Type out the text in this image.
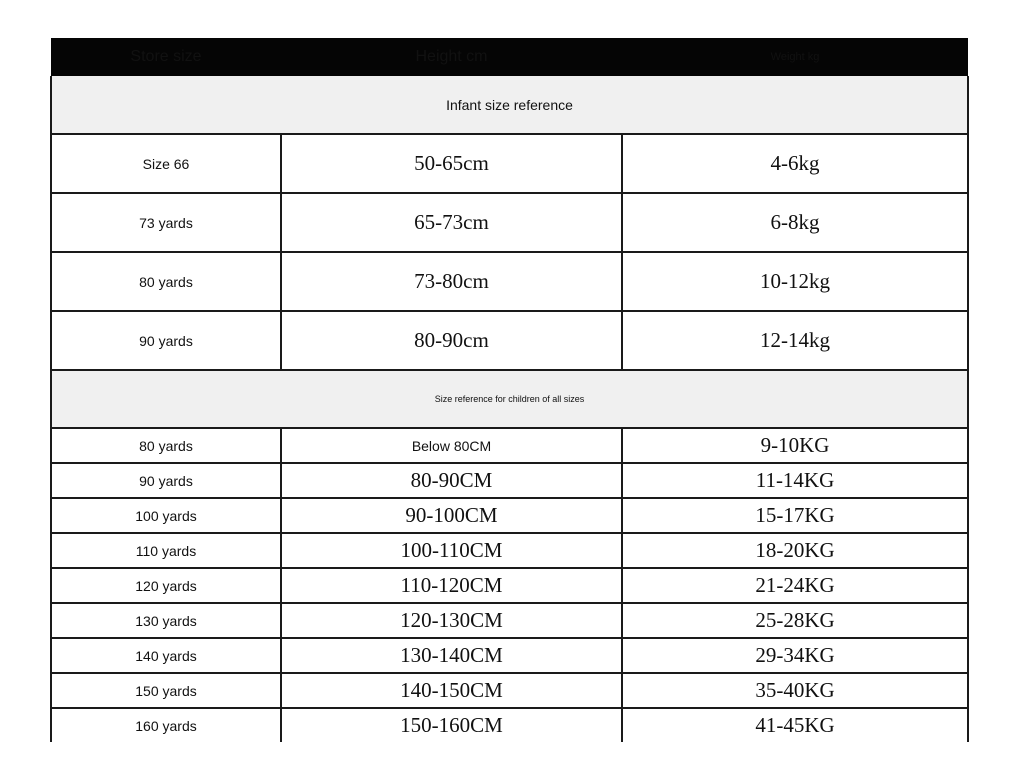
Store size	Height cm	Weight kg
Infant size reference		
Size 66	50-65cm	4-6kg
73 yards	65-73cm	6-8kg
80 yards	73-80cm	10-12kg
90 yards	80-90cm	12-14kg
Size reference for children of all sizes		
80 yards	Below 80CM	9-10KG
90 yards	80-90CM	11-14KG
100 yards	90-100CM	15-17KG
110 yards	100-110CM	18-20KG
120 yards	110-120CM	21-24KG
130 yards	120-130CM	25-28KG
140 yards	130-140CM	29-34KG
150 yards	140-150CM	35-40KG
160 yards	150-160CM	41-45KG
